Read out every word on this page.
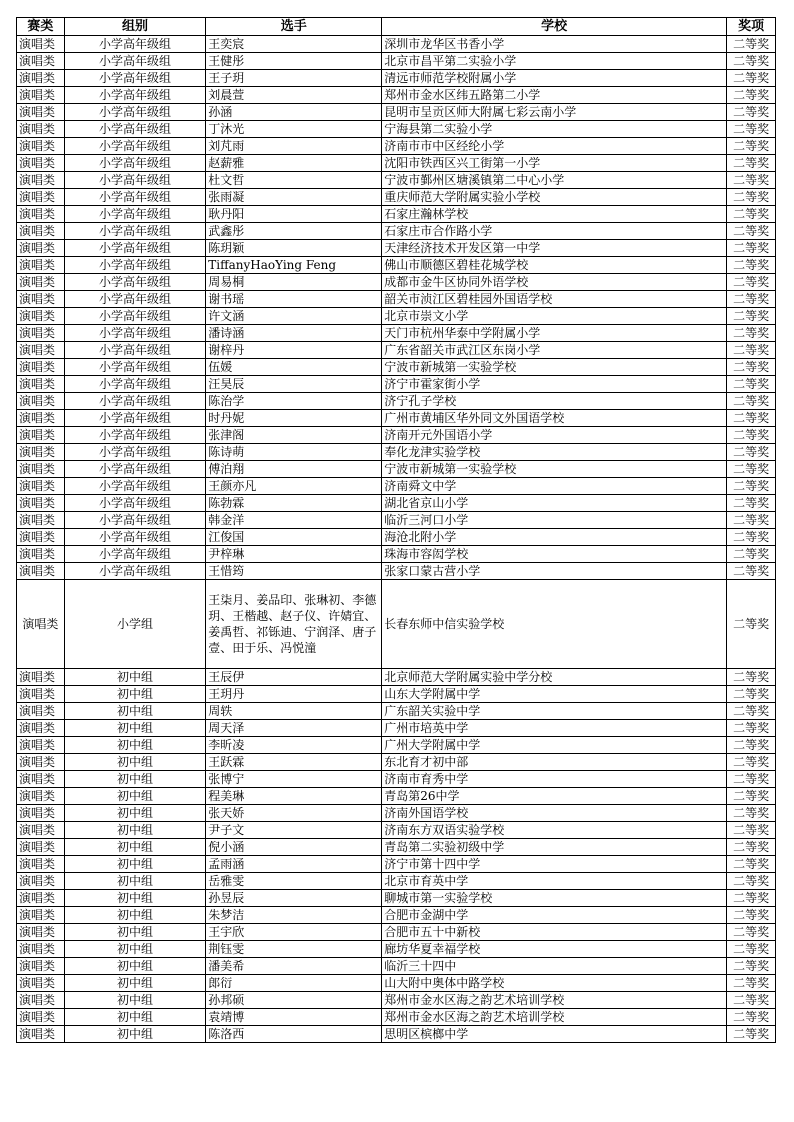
赛类	组别	选手	学校	奖项
演唱类	小学高年级组	王奕宸	深圳市龙华区书香小学	二等奖
演唱类	小学高年级组	王健彤	北京市昌平第二实验小学	二等奖
演唱类	小学高年级组	王子玥	清远市师范学校附属小学	二等奖
演唱类	小学高年级组	刘晨萱	郑州市金水区纬五路第二小学	二等奖
演唱类	小学高年级组	孙涵	昆明市呈贡区师大附属七彩云南小学	二等奖
演唱类	小学高年级组	丁沐光	宁海县第二实验小学	二等奖
演唱类	小学高年级组	刘芃雨	济南市市中区经纶小学	二等奖
演唱类	小学高年级组	赵薪雅	沈阳市铁西区兴工街第一小学	二等奖
演唱类	小学高年级组	杜文哲	宁波市鄞州区塘溪镇第二中心小学	二等奖
演唱类	小学高年级组	张雨凝	重庆师范大学附属实验小学校	二等奖
演唱类	小学高年级组	耿丹阳	石家庄瀚林学校	二等奖
演唱类	小学高年级组	武鑫彤	石家庄市合作路小学	二等奖
演唱类	小学高年级组	陈玥颖	天津经济技术开发区第一中学	二等奖
演唱类	小学高年级组	TiffanyHaoYing Feng	佛山市顺德区碧桂花城学校	二等奖
演唱类	小学高年级组	周易桐	成都市金牛区协同外语学校	二等奖
演唱类	小学高年级组	谢书瑶	韶关市浈江区碧桂园外国语学校	二等奖
演唱类	小学高年级组	许文涵	北京市崇文小学	二等奖
演唱类	小学高年级组	潘诗涵	天门市杭州华泰中学附属小学	二等奖
演唱类	小学高年级组	谢梓丹	广东省韶关市武江区东岗小学	二等奖
演唱类	小学高年级组	伍媛	宁波市新城第一实验学校	二等奖
演唱类	小学高年级组	汪昊辰	济宁市霍家街小学	二等奖
演唱类	小学高年级组	陈治学	济宁孔子学校	二等奖
演唱类	小学高年级组	时丹妮	广州市黄埔区华外同文外国语学校	二等奖
演唱类	小学高年级组	张津阁	济南开元外国语小学	二等奖
演唱类	小学高年级组	陈诗萌	奉化龙津实验学校	二等奖
演唱类	小学高年级组	傅泊翔	宁波市新城第一实验学校	二等奖
演唱类	小学高年级组	王颜亦凡	济南舜文中学	二等奖
演唱类	小学高年级组	陈勃霖	湖北省京山小学	二等奖
演唱类	小学高年级组	韩金洋	临沂三河口小学	二等奖
演唱类	小学高年级组	江俊国	海沧北附小学	二等奖
演唱类	小学高年级组	尹梓琳	珠海市容闳学校	二等奖
演唱类	小学高年级组	王惜筠	张家口蒙古营小学	二等奖
演唱类	小学组	王柒月、姜品印、张琳初、李德玥、王楷越、赵子仪、许婧宜、姜禹哲、祁铄迪、宁润泽、唐子壹、田于乐、冯悦潼	长春东师中信实验学校	二等奖
演唱类	初中组	王辰伊	北京师范大学附属实验中学分校	二等奖
演唱类	初中组	王玥丹	山东大学附属中学	二等奖
演唱类	初中组	周轶	广东韶关实验中学	二等奖
演唱类	初中组	周天泽	广州市培英中学	二等奖
演唱类	初中组	李昕凌	广州大学附属中学	二等奖
演唱类	初中组	王跃霖	东北育才初中部	二等奖
演唱类	初中组	张博宁	济南市育秀中学	二等奖
演唱类	初中组	程美琳	青岛第26中学	二等奖
演唱类	初中组	张天娇	济南外国语学校	二等奖
演唱类	初中组	尹子文	济南东方双语实验学校	二等奖
演唱类	初中组	倪小涵	青岛第二实验初级中学	二等奖
演唱类	初中组	孟雨涵	济宁市第十四中学	二等奖
演唱类	初中组	岳雅雯	北京市育英中学	二等奖
演唱类	初中组	孙昱辰	聊城市第一实验学校	二等奖
演唱类	初中组	朱梦洁	合肥市金湖中学	二等奖
演唱类	初中组	王宇欣	合肥市五十中新校	二等奖
演唱类	初中组	荆钰雯	廊坊华夏幸福学校	二等奖
演唱类	初中组	潘美希	临沂三十四中	二等奖
演唱类	初中组	郎衍	山大附中奥体中路学校	二等奖
演唱类	初中组	孙邦硕	郑州市金水区海之韵艺术培训学校	二等奖
演唱类	初中组	袁靖博	郑州市金水区海之韵艺术培训学校	二等奖
演唱类	初中组	陈洛西	思明区槟榔中学	二等奖
